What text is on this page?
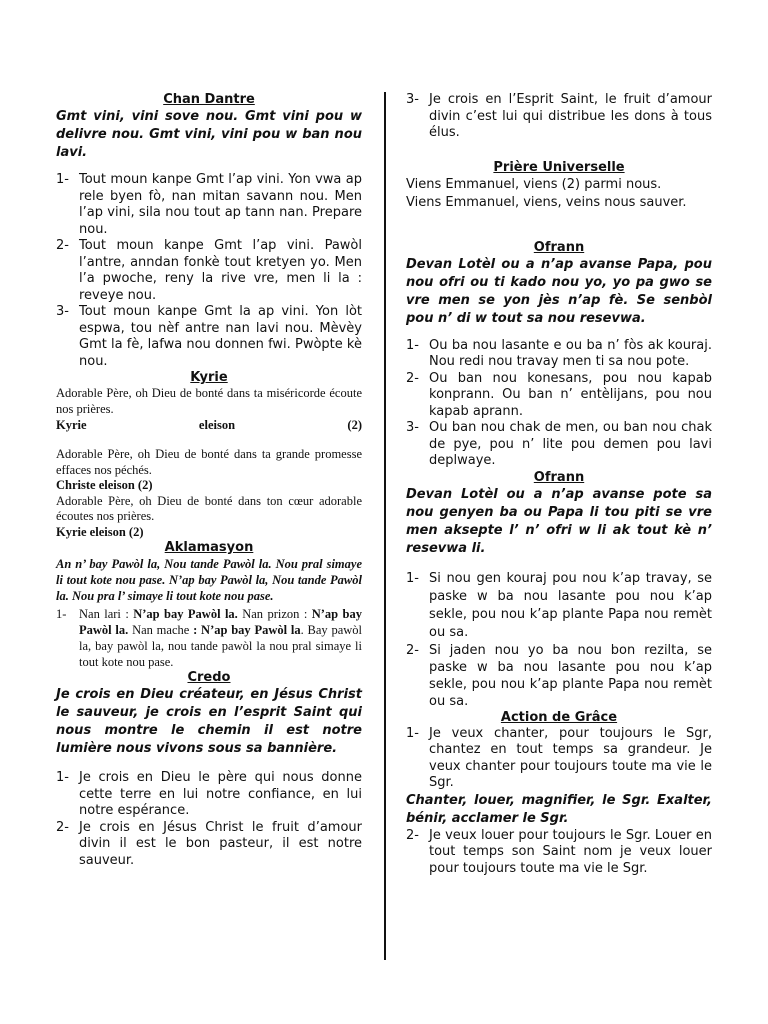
Chan Dantre

Gmt vini, vini sove nou. Gmt vini pou w delivre nou. Gmt vini, vini pou w ban nou lavi.

1- Tout moun kanpe Gmt l’ap vini. Yon vwa ap rele byen fò, nan mitan savann nou. Men l’ap vini, sila nou tout ap tann nan. Prepare nou.
2- Tout moun kanpe Gmt l’ap vini. Pawòl l’antre, anndan fonkè tout kretyen yo. Men l’a pwoche, reny la rive vre, men li la : reveye nou.
3- Tout moun kanpe Gmt la ap vini. Yon lòt espwa, tou nèf antre nan lavi nou. Mèvèy Gmt la fè, lafwa nou donnen fwi. Pwòpte kè nou.
Kyrie

Adorable Père, oh Dieu de bonté dans ta miséricorde écoute nos prières.

Kyrie	eleison	(2)

Adorable Père, oh Dieu de bonté dans ta grande promesse effaces nos péchés.

Christe eleison (2)

Adorable Père, oh Dieu de bonté dans ton cœur adorable écoutes nos prières.

Kyrie eleison (2)

Aklamasyon

An n’ bay Pawòl la, Nou tande Pawòl la. Nou pral simaye li tout kote nou pase. N’ap bay Pawòl la, Nou tande Pawòl la. Nou pra l’ simaye li tout kote nou pase.

1- Nan lari : N’ap bay Pawòl la. Nan prizon : N’ap bay Pawòl la. Nan mache : N’ap bay Pawòl la. Bay pawòl la, bay pawòl la, nou tande pawòl la nou pral simaye li tout kote nou pase.
Credo

Je crois en Dieu créateur, en Jésus Christ le sauveur, je crois en l’esprit Saint qui nous montre le chemin il est notre lumière nous vivons sous sa bannière.

1- Je crois en Dieu le père qui nous donne cette terre en lui notre confiance, en lui notre espérance.
2- Je crois en Jésus Christ le fruit d’amour divin il est le bon pasteur, il est notre sauveur.
3- Je crois en l’Esprit Saint, le fruit d’amour divin c’est lui qui distribue les dons à tous élus.
Prière Universelle

Viens Emmanuel, viens (2) parmi nous.

Viens Emmanuel, viens, veins nous sauver.

Ofrann

Devan Lotèl ou a n’ap avanse Papa, pou nou ofri ou ti kado nou yo, yo pa gwo se vre men se yon jès n’ap fè. Se senbòl pou n’ di w tout sa nou resevwa.

1- Ou ba nou lasante e ou ba n’ fòs ak kouraj. Nou redi nou travay men ti sa nou pote.
2- Ou ban nou konesans, pou nou kapab konprann. Ou ban n’ entèlijans, pou nou kapab aprann.
3- Ou ban nou chak de men, ou ban nou chak de pye, pou n’ lite pou demen pou lavi deplwaye.
Ofrann

Devan Lotèl ou a n’ap avanse pote sa nou genyen ba ou Papa li tou piti se vre men aksepte l’ n’ ofri w li ak tout kè n’ resevwa li.

1- Si nou gen kouraj pou nou k’ap travay, se paske w ba nou lasante pou nou k’ap sekle, pou nou k’ap plante Papa nou remèt ou sa.
2- Si jaden nou yo ba nou bon rezilta, se paske w ba nou lasante pou nou k’ap sekle, pou nou k’ap plante Papa nou remèt ou sa.
Action de Grâce
1- Je veux chanter, pour toujours le Sgr, chantez en tout temps sa grandeur. Je veux chanter pour toujours toute ma vie le Sgr.

Chanter, louer, magnifier, le Sgr. Exalter, bénir, acclamer le Sgr.

2- Je veux louer pour toujours le Sgr. Louer en tout temps son Saint nom je veux louer pour toujours toute ma vie le Sgr.
